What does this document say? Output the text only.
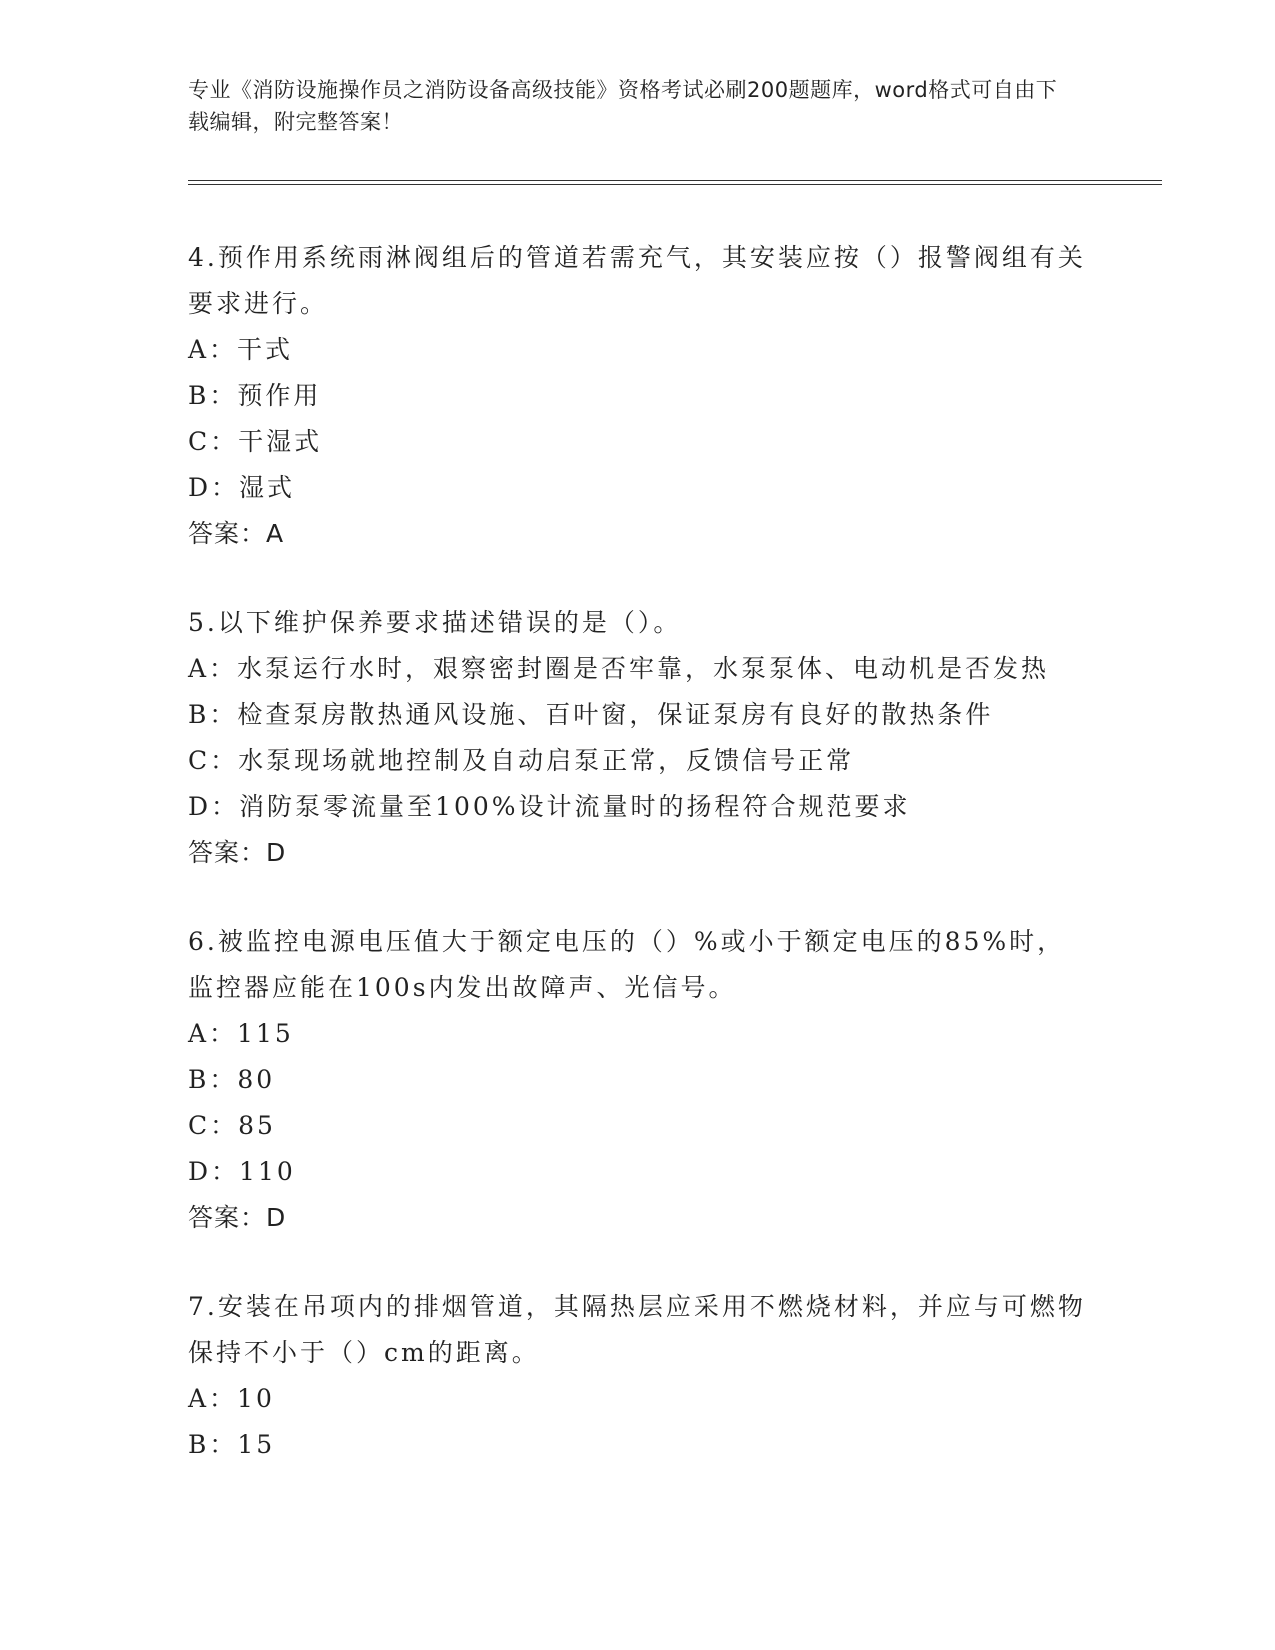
专业《消防设施操作员之消防设备高级技能》资格考试必刷200题题库，word格式可自由下载编辑，附完整答案！

4.预作用系统雨淋阀组后的管道若需充气，其安装应按（）报警阀组有关要求进行。

A：干式

B：预作用

C：干湿式

D：湿式

答案：A

5.以下维护保养要求描述错误的是（）。

A：水泵运行水时，艰察密封圈是否牢靠，水泵泵体、电动机是否发热

B：检查泵房散热通风设施、百叶窗，保证泵房有良好的散热条件

C：水泵现场就地控制及自动启泵正常，反馈信号正常

D：消防泵零流量至100%设计流量时的扬程符合规范要求

答案：D

6.被监控电源电压值大于额定电压的（）%或小于额定电压的85%时，监控器应能在100s内发出故障声、光信号。

A：115

B：80

C：85

D：110

答案：D

7.安装在吊项内的排烟管道，其隔热层应采用不燃烧材料，并应与可燃物保持不小于（）cm的距离。

A：10

B：15
